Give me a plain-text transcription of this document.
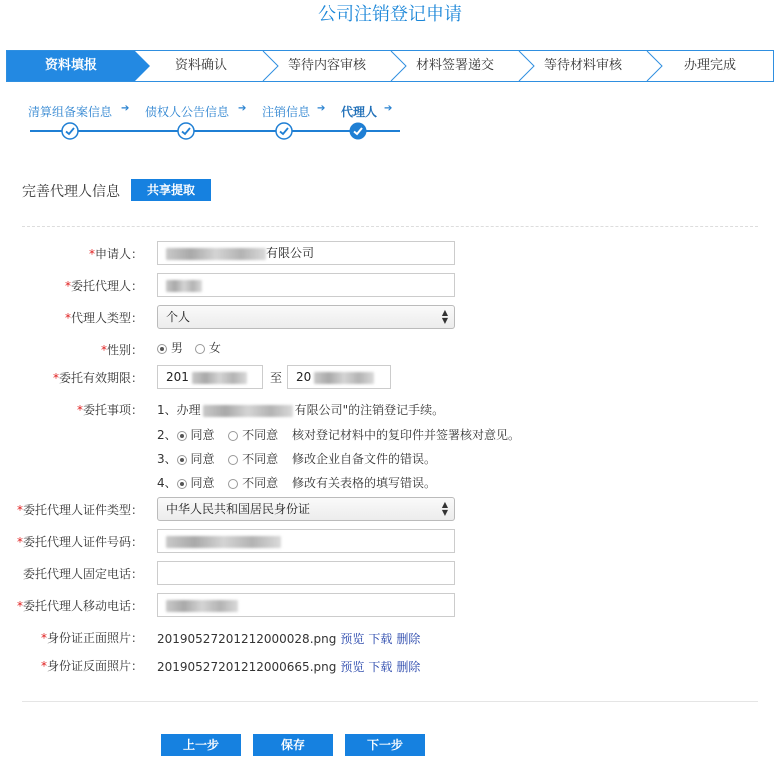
公司注销登记申请
资料填报	资料确认	等待内容审核	材料签署递交	等待材料审核	办理完成
清算组备案信息 ➔ 债权人公告信息 ➔ 注销信息 ➔ 代理人 ➔
完善代理人信息	共享提取
*申请人：	有限公司
*委托代理人：
*代理人类型：	个人	▲
▼
*性别：	男	女
*委托有效期限：	201	至	20
*委托事项： 1、办理	有限公司"的注销登记手续。
2、 同意 不同意 核对登记材料中的复印件并签署核对意见。
3、 同意 不同意 修改企业自备文件的错误。
4、 同意 不同意 修改有关表格的填写错误。
*委托代理人证件类型：	中华人民共和国居民身份证	▲
▼
*委托代理人证件号码：
委托代理人固定电话：
*委托代理人移动电话：
*身份证正面照片： 20190527201212000028.png 预览 下载 删除
*身份证反面照片： 20190527201212000665.png 预览 下载 删除
上一步	保存	下一步
